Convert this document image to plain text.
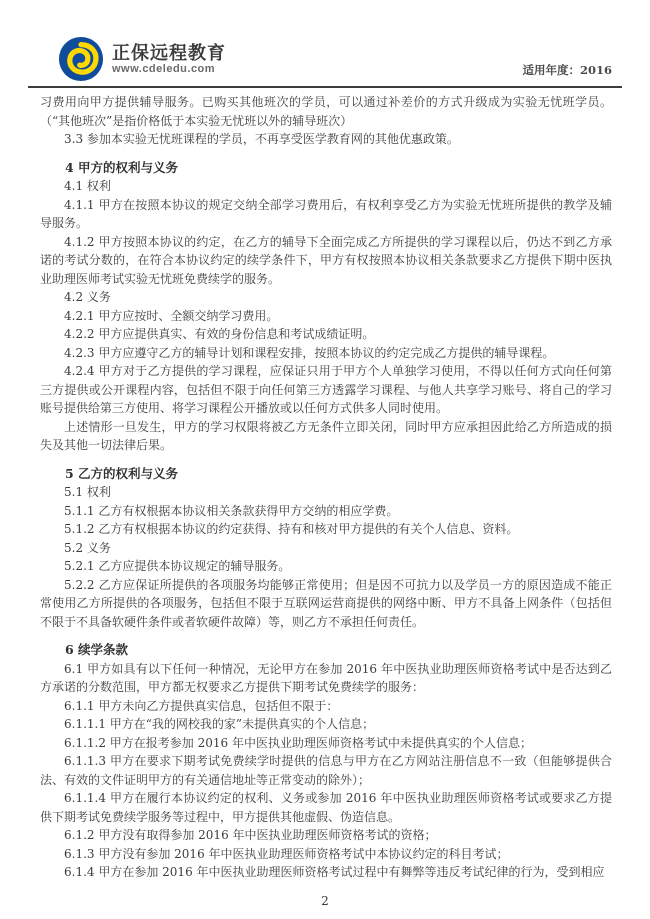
正保远程教育
www.cdeledu.com	适用年度：2016

习费用向甲方提供辅导服务。已购买其他班次的学员，可以通过补差价的方式升级成为实验无忧班学员。（“其他班次”是指价格低于本实验无忧班以外的辅导班次）

3.3 参加本实验无忧班课程的学员，不再享受医学教育网的其他优惠政策。

4 甲方的权利与义务

4.1 权利

4.1.1 甲方在按照本协议的规定交纳全部学习费用后，有权利享受乙方为实验无忧班所提供的教学及辅导服务。

4.1.2 甲方按照本协议的约定，在乙方的辅导下全面完成乙方所提供的学习课程以后，仍达不到乙方承诺的考试分数的，在符合本协议约定的续学条件下，甲方有权按照本协议相关条款要求乙方提供下期中医执业助理医师考试实验无忧班免费续学的服务。

4.2 义务

4.2.1 甲方应按时、全额交纳学习费用。

4.2.2 甲方应提供真实、有效的身份信息和考试成绩证明。

4.2.3 甲方应遵守乙方的辅导计划和课程安排，按照本协议的约定完成乙方提供的辅导课程。

4.2.4 甲方对于乙方提供的学习课程，应保证只用于甲方个人单独学习使用，不得以任何方式向任何第三方提供或公开课程内容，包括但不限于向任何第三方透露学习课程、与他人共享学习账号、将自己的学习账号提供给第三方使用、将学习课程公开播放或以任何方式供多人同时使用。

上述情形一旦发生，甲方的学习权限将被乙方无条件立即关闭，同时甲方应承担因此给乙方所造成的损失及其他一切法律后果。

5 乙方的权利与义务

5.1 权利

5.1.1 乙方有权根据本协议相关条款获得甲方交纳的相应学费。

5.1.2 乙方有权根据本协议的约定获得、持有和核对甲方提供的有关个人信息、资料。

5.2 义务

5.2.1 乙方应提供本协议规定的辅导服务。

5.2.2 乙方应保证所提供的各项服务均能够正常使用；但是因不可抗力以及学员一方的原因造成不能正常使用乙方所提供的各项服务，包括但不限于互联网运营商提供的网络中断、甲方不具备上网条件（包括但不限于不具备软硬件条件或者软硬件故障）等，则乙方不承担任何责任。

6 续学条款

6.1 甲方如具有以下任何一种情况，无论甲方在参加 2016 年中医执业助理医师资格考试中是否达到乙方承诺的分数范围，甲方都无权要求乙方提供下期考试免费续学的服务：

6.1.1 甲方未向乙方提供真实信息，包括但不限于：

6.1.1.1 甲方在“我的网校我的家”未提供真实的个人信息；

6.1.1.2 甲方在报考参加 2016 年中医执业助理医师资格考试中未提供真实的个人信息；

6.1.1.3 甲方在要求下期考试免费续学时提供的信息与甲方在乙方网站注册信息不一致（但能够提供合法、有效的文件证明甲方的有关通信地址等正常变动的除外）；

6.1.1.4 甲方在履行本协议约定的权利、义务或参加 2016 年中医执业助理医师资格考试或要求乙方提供下期考试免费续学服务等过程中，甲方提供其他虚假、伪造信息。

6.1.2 甲方没有取得参加 2016 年中医执业助理医师资格考试的资格；

6.1.3 甲方没有参加 2016 年中医执业助理医师资格考试中本协议约定的科目考试；

6.1.4 甲方在参加 2016 年中医执业助理医师资格考试过程中有舞弊等违反考试纪律的行为，受到相应

2
